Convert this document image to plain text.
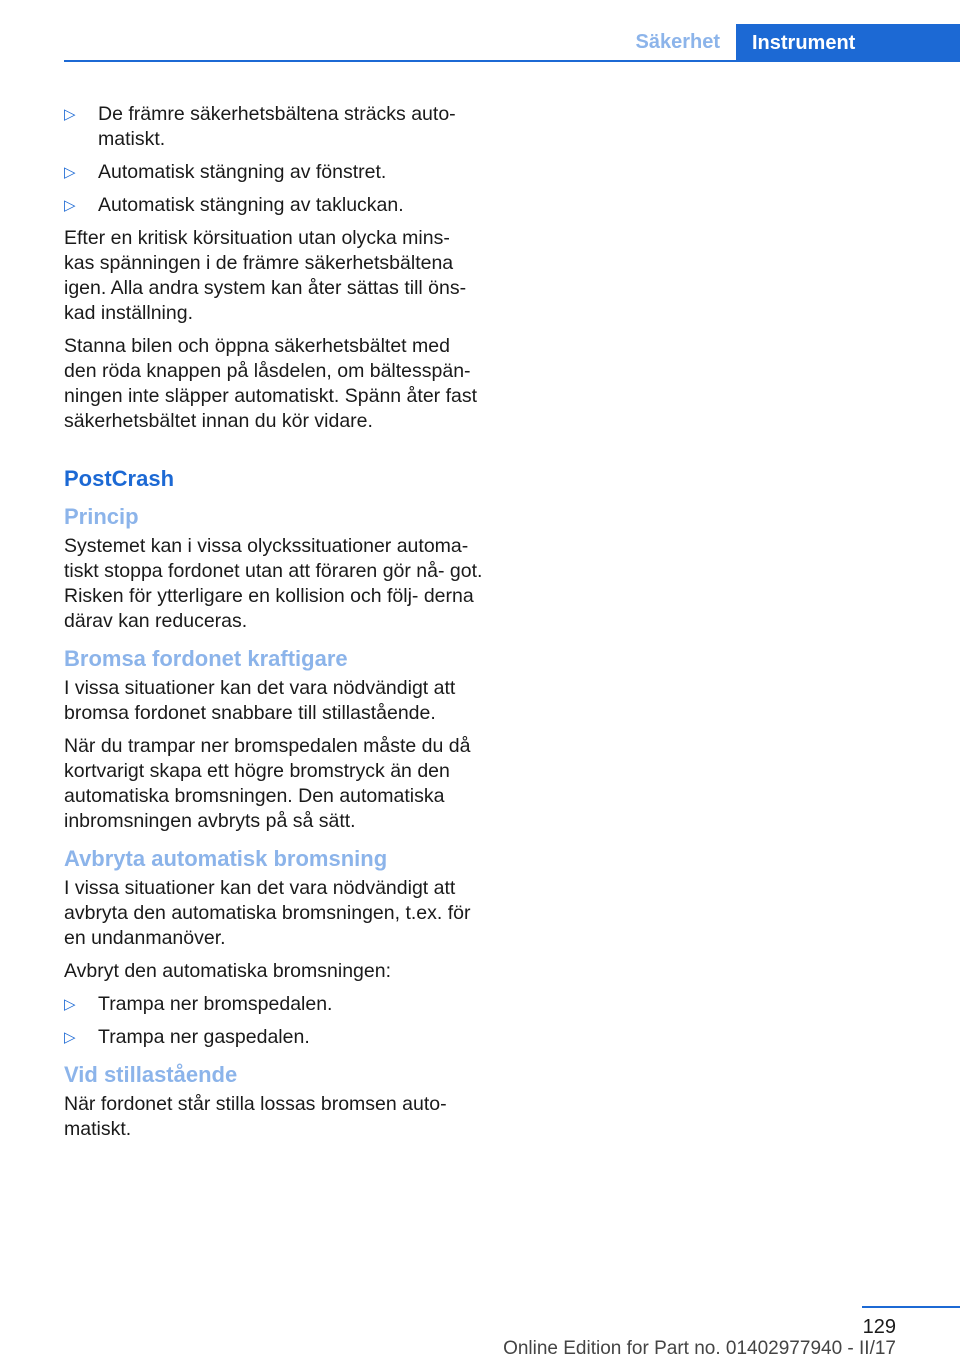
Säkerhet	Instrument
▷ De främre säkerhetsbältena sträcks auto‐ matiskt.
▷ Automatisk stängning av fönstret.
▷ Automatisk stängning av takluckan.

Efter en kritisk körsituation utan olycka mins‐ kas spänningen i de främre säkerhetsbältena igen. Alla andra system kan åter sättas till öns‐ kad inställning.

Stanna bilen och öppna säkerhetsbältet med den röda knappen på låsdelen, om bältesspän‐ ningen inte släpper automatiskt. Spänn åter fast säkerhetsbältet innan du kör vidare.

PostCrash
Princip

Systemet kan i vissa olyckssituationer automa‐ tiskt stoppa fordonet utan att föraren gör nå‐ got. Risken för ytterligare en kollision och följ‐ derna därav kan reduceras.

Bromsa fordonet kraftigare

I vissa situationer kan det vara nödvändigt att bromsa fordonet snabbare till stillastående.

När du trampar ner bromspedalen måste du då kortvarigt skapa ett högre bromstryck än den automatiska bromsningen. Den automatiska inbromsningen avbryts på så sätt.

Avbryta automatisk bromsning

I vissa situationer kan det vara nödvändigt att avbryta den automatiska bromsningen, t.ex. för en undanmanöver.

Avbryt den automatiska bromsningen:

▷ Trampa ner bromspedalen.
▷ Trampa ner gaspedalen.
Vid stillastående

När fordonet står stilla lossas bromsen auto‐ matiskt.

129
Online Edition for Part no. 01402977940 - II/17
